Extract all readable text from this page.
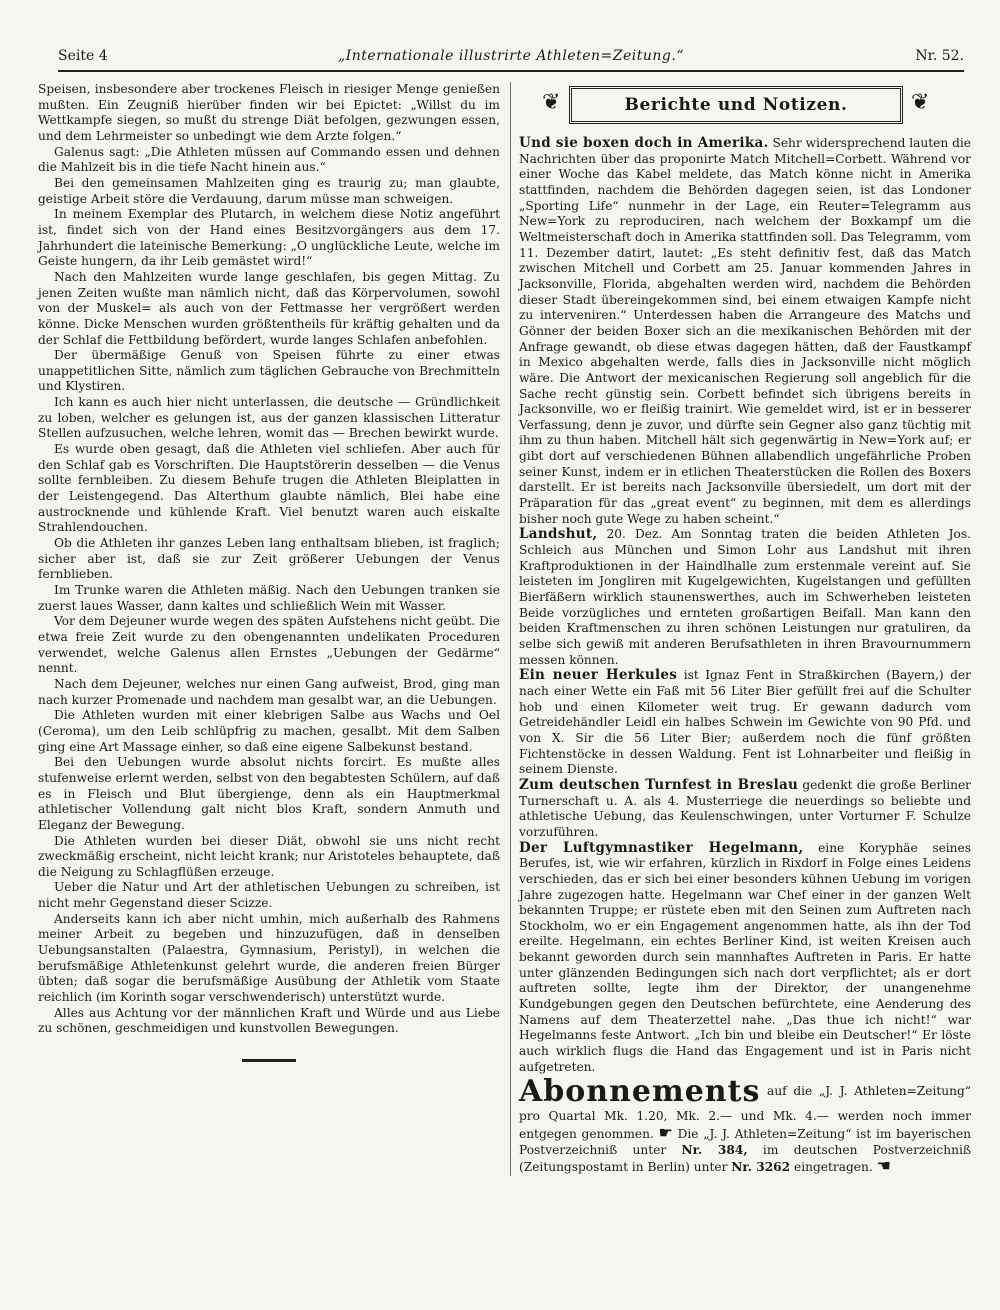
Seite 4	„Internationale illustrirte Athleten=Zeitung.“	Nr. 52.

Speisen, insbesondere aber trockenes Fleisch in riesiger Menge genießen mußten. Ein Zeugniß hierüber finden wir bei Epictet: „Willst du im Wettkampfe siegen, so mußt du strenge Diät befolgen, gezwungen essen, und dem Lehrmeister so unbedingt wie dem Arzte folgen.“

Galenus sagt: „Die Athleten müssen auf Commando essen und dehnen die Mahlzeit bis in die tiefe Nacht hinein aus.“

Bei den gemeinsamen Mahlzeiten ging es traurig zu; man glaubte, geistige Arbeit störe die Verdauung, darum müsse man schweigen.

In meinem Exemplar des Plutarch, in welchem diese Notiz angeführt ist, findet sich von der Hand eines Besitzvorgängers aus dem 17. Jahrhundert die lateinische Bemerkung: „O unglückliche Leute, welche im Geiste hungern, da ihr Leib gemästet wird!“

Nach den Mahlzeiten wurde lange geschlafen, bis gegen Mittag. Zu jenen Zeiten wußte man nämlich nicht, daß das Körpervolumen, sowohl von der Muskel= als auch von der Fettmasse her vergrößert werden könne. Dicke Menschen wurden größtentheils für kräftig gehalten und da der Schlaf die Fettbildung befördert, wurde langes Schlafen anbefohlen.

Der übermäßige Genuß von Speisen führte zu einer etwas unappetitlichen Sitte, nämlich zum täglichen Gebrauche von Brechmitteln und Klystiren.

Ich kann es auch hier nicht unterlassen, die deutsche — Gründlichkeit zu loben, welcher es gelungen ist, aus der ganzen klassischen Litteratur Stellen aufzusuchen, welche lehren, womit das — Brechen bewirkt wurde.

Es wurde oben gesagt, daß die Athleten viel schliefen. Aber auch für den Schlaf gab es Vorschriften. Die Hauptstörerin desselben — die Venus sollte fernbleiben. Zu diesem Behufe trugen die Athleten Bleiplatten in der Leistengegend. Das Alterthum glaubte nämlich, Blei habe eine austrocknende und kühlende Kraft. Viel benutzt waren auch eiskalte Strahlendouchen.

Ob die Athleten ihr ganzes Leben lang enthaltsam blieben, ist fraglich; sicher aber ist, daß sie zur Zeit größerer Uebungen der Venus fernblieben.

Im Trunke waren die Athleten mäßig. Nach den Uebungen tranken sie zuerst laues Wasser, dann kaltes und schließlich Wein mit Wasser.

Vor dem Dejeuner wurde wegen des späten Aufstehens nicht geübt. Die etwa freie Zeit wurde zu den obengenannten undelikaten Proceduren verwendet, welche Galenus allen Ernstes „Uebungen der Gedärme“ nennt.

Nach dem Dejeuner, welches nur einen Gang aufweist, Brod, ging man nach kurzer Promenade und nachdem man gesalbt war, an die Uebungen.

Die Athleten wurden mit einer klebrigen Salbe aus Wachs und Oel (Ceroma), um den Leib schlüpfrig zu machen, gesalbt. Mit dem Salben ging eine Art Massage einher, so daß eine eigene Salbekunst bestand.

Bei den Uebungen wurde absolut nichts forcirt. Es mußte alles stufenweise erlernt werden, selbst von den begabtesten Schülern, auf daß es in Fleisch und Blut übergienge, denn als ein Hauptmerkmal athletischer Vollendung galt nicht blos Kraft, sondern Anmuth und Eleganz der Bewegung.

Die Athleten wurden bei dieser Diät, obwohl sie uns nicht recht zweckmäßig erscheint, nicht leicht krank; nur Aristoteles behauptete, daß die Neigung zu Schlagflüßen erzeuge.

Ueber die Natur und Art der athletischen Uebungen zu schreiben, ist nicht mehr Gegenstand dieser Scizze.

Anderseits kann ich aber nicht umhin, mich außerhalb des Rahmens meiner Arbeit zu begeben und hinzuzufügen, daß in denselben Uebungsanstalten (Palaestra, Gymnasium, Peristyl), in welchen die berufsmäßige Athletenkunst gelehrt wurde, die anderen freien Bürger übten; daß sogar die berufsmäßige Ausübung der Athletik vom Staate reichlich (im Korinth sogar verschwenderisch) unterstützt wurde.

Alles aus Achtung vor der männlichen Kraft und Würde und aus Liebe zu schönen, geschmeidigen und kunstvollen Bewegungen.

❦ Berichte und Notizen. ❦

Und sie boxen doch in Amerika. Sehr widersprechend lauten die Nachrichten über das proponirte Match Mitchell=Corbett. Während vor einer Woche das Kabel meldete, das Match könne nicht in Amerika stattfinden, nachdem die Behörden dagegen seien, ist das Londoner „Sporting Life“ nunmehr in der Lage, ein Reuter=Telegramm aus New=York zu reproduciren, nach welchem der Boxkampf um die Weltmeisterschaft doch in Amerika stattfinden soll. Das Telegramm, vom 11. Dezember datirt, lautet: „Es steht definitiv fest, daß das Match zwischen Mitchell und Corbett am 25. Januar kommenden Jahres in Jacksonville, Florida, abgehalten werden wird, nachdem die Behörden dieser Stadt übereingekommen sind, bei einem etwaigen Kampfe nicht zu interveniren.“ Unterdessen haben die Arrangeure des Matchs und Gönner der beiden Boxer sich an die mexikanischen Behörden mit der Anfrage gewandt, ob diese etwas dagegen hätten, daß der Faustkampf in Mexico abgehalten werde, falls dies in Jacksonville nicht möglich wäre. Die Antwort der mexicanischen Regierung soll angeblich für die Sache recht günstig sein. Corbett befindet sich übrigens bereits in Jacksonville, wo er fleißig trainirt. Wie gemeldet wird, ist er in besserer Verfassung, denn je zuvor, und dürfte sein Gegner also ganz tüchtig mit ihm zu thun haben. Mitchell hält sich gegenwärtig in New=York auf; er gibt dort auf verschiedenen Bühnen allabendlich ungefährliche Proben seiner Kunst, indem er in etlichen Theaterstücken die Rollen des Boxers darstellt. Er ist bereits nach Jacksonville übersiedelt, um dort mit der Präparation für das „great event“ zu beginnen, mit dem es allerdings bisher noch gute Wege zu haben scheint.“

Landshut, 20. Dez. Am Sonntag traten die beiden Athleten Jos. Schleich aus München und Simon Lohr aus Landshut mit ihren Kraftproduktionen in der Haindlhalle zum erstenmale vereint auf. Sie leisteten im Jongliren mit Kugelgewichten, Kugelstangen und gefüllten Bierfäßern wirklich staunenswerthes, auch im Schwerheben leisteten Beide vorzügliches und ernteten großartigen Beifall. Man kann den beiden Kraftmenschen zu ihren schönen Leistungen nur gratuliren, da selbe sich gewiß mit anderen Berufsathleten in ihren Bravournummern messen können.

Ein neuer Herkules ist Ignaz Fent in Straßkirchen (Bayern,) der nach einer Wette ein Faß mit 56 Liter Bier gefüllt frei auf die Schulter hob und einen Kilometer weit trug. Er gewann dadurch vom Getreidehändler Leidl ein halbes Schwein im Gewichte von 90 Pfd. und von X. Sir die 56 Liter Bier; außerdem noch die fünf größten Fichtenstöcke in dessen Waldung. Fent ist Lohnarbeiter und fleißig in seinem Dienste.

Zum deutschen Turnfest in Breslau gedenkt die große Berliner Turnerschaft u. A. als 4. Musterriege die neuerdings so beliebte und athletische Uebung, das Keulenschwingen, unter Vorturner F. Schulze vorzuführen.

Der Luftgymnastiker Hegelmann, eine Koryphäe seines Berufes, ist, wie wir erfahren, kürzlich in Rixdorf in Folge eines Leidens verschieden, das er sich bei einer besonders kühnen Uebung im vorigen Jahre zugezogen hatte. Hegelmann war Chef einer in der ganzen Welt bekannten Truppe; er rüstete eben mit den Seinen zum Auftreten nach Stockholm, wo er ein Engagement angenommen hatte, als ihn der Tod ereilte. Hegelmann, ein echtes Berliner Kind, ist weiten Kreisen auch bekannt geworden durch sein mannhaftes Auftreten in Paris. Er hatte unter glänzenden Bedingungen sich nach dort verpflichtet; als er dort auftreten sollte, legte ihm der Direktor, der unangenehme Kundgebungen gegen den Deutschen befürchtete, eine Aenderung des Namens auf dem Theaterzettel nahe. „Das thue ich nicht!“ war Hegelmanns feste Antwort. „Ich bin und bleibe ein Deutscher!“ Er löste auch wirklich flugs die Hand das Engagement und ist in Paris nicht aufgetreten.

Abonnements auf die „J. J. Athleten=Zeitung“ pro Quartal Mk. 1.20, Mk. 2.— und Mk. 4.— werden noch immer entgegen genommen. ☛ Die „J. J. Athleten=Zeitung“ ist im bayerischen Postverzeichniß unter Nr. 384, im deutschen Postverzeichniß (Zeitungspostamt in Berlin) unter Nr. 3262 eingetragen. ☚
